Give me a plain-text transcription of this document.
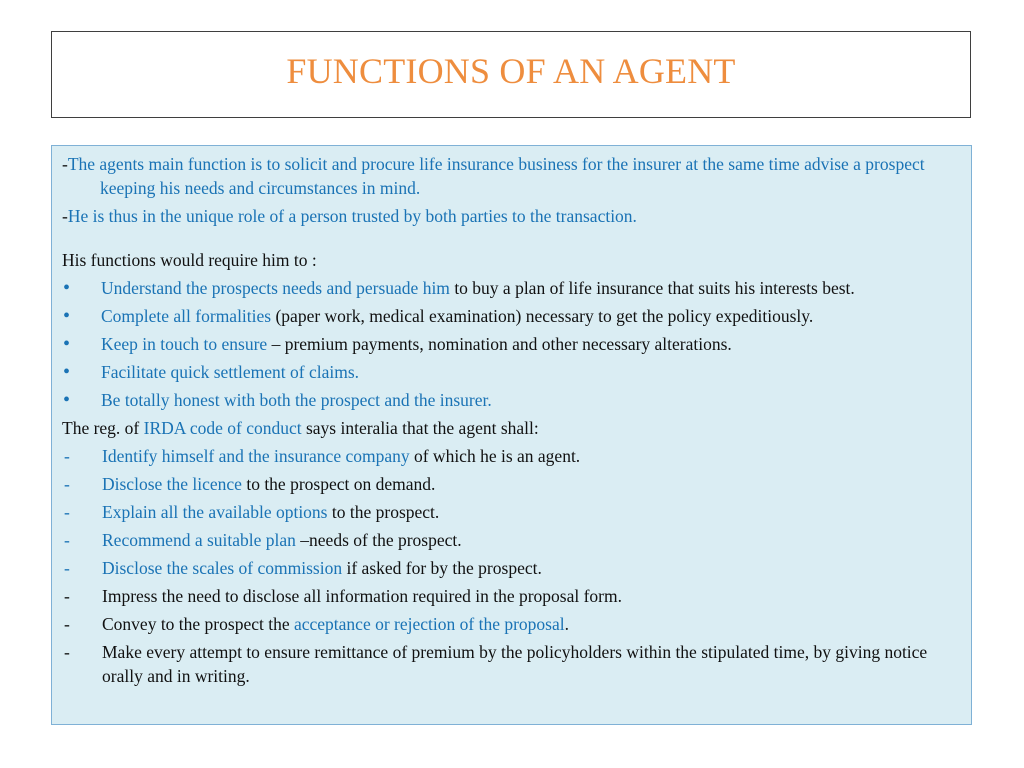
FUNCTIONS OF AN AGENT

-The agents main function is to solicit and procure life insurance business for the insurer at the same time advise a prospect keeping his needs and circumstances in mind.

-He is thus in the unique role of a person trusted by both parties to the transaction.

His functions would require him to :

•	Understand the prospects needs and persuade him to buy a plan of life insurance that suits his interests best.
•	Complete all formalities (paper work, medical examination) necessary to get the policy expeditiously.
•	Keep in touch to ensure – premium payments, nomination and other necessary alterations.
•	Facilitate quick settlement of claims.
•	Be totally honest with both the prospect and the insurer.

The reg. of IRDA code of conduct says interalia that the agent shall:

-	Identify himself and the insurance company of which he is an agent.
-	Disclose the licence to the prospect on demand.
-	Explain all the available options to the prospect.
-	Recommend a suitable plan –needs of the prospect.
-	Disclose the scales of commission if asked for by the prospect.
-	Impress the need to disclose all information required in the proposal form.
-	Convey to the prospect the acceptance or rejection of the proposal.
-	Make every attempt to ensure remittance of premium by the policyholders within the stipulated time, by giving notice orally and in writing.
